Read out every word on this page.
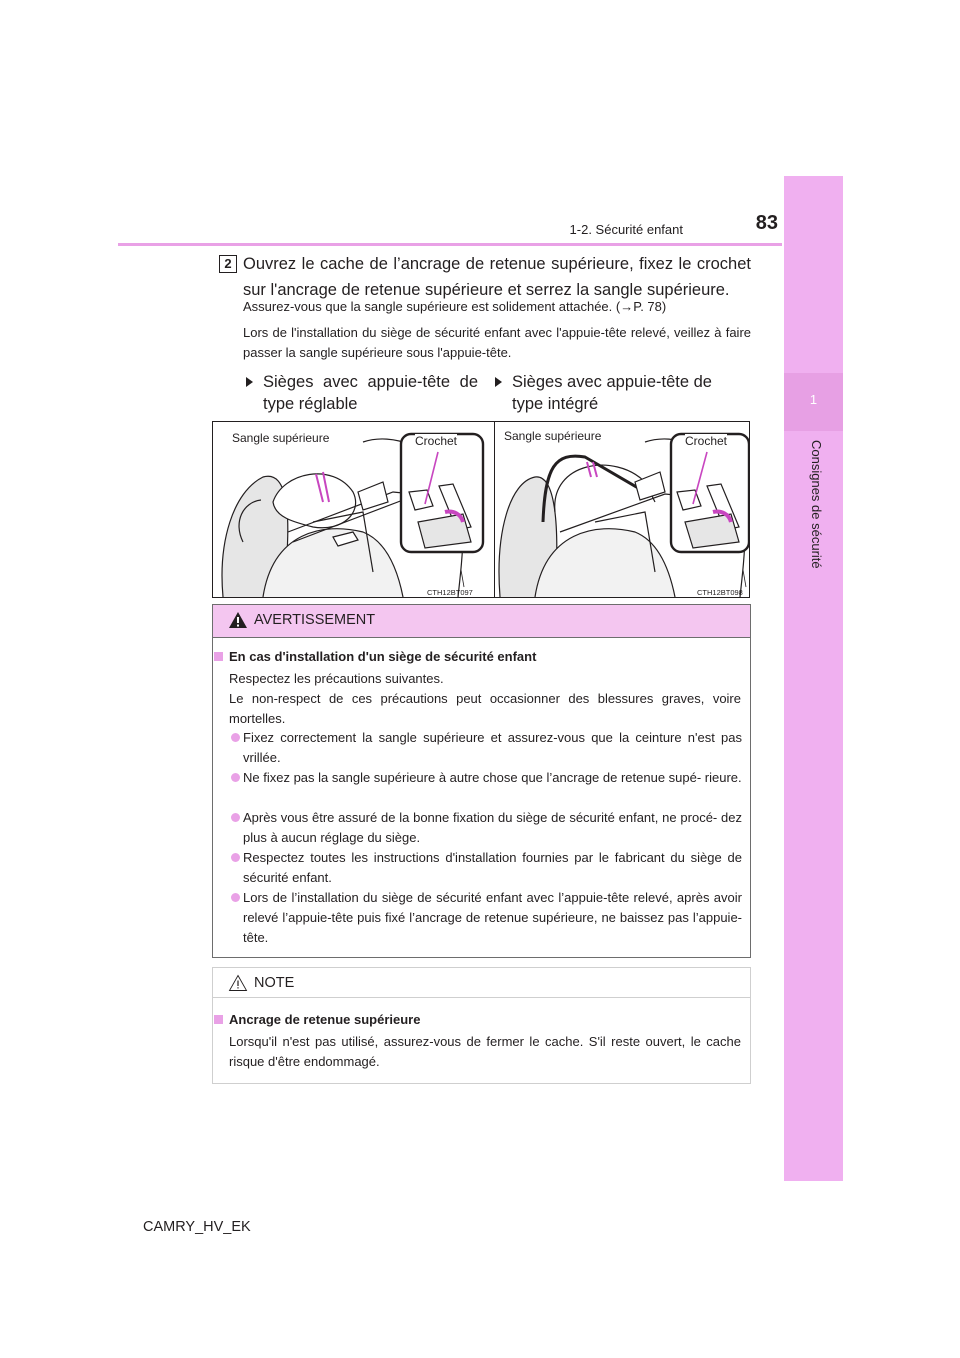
1-2. Sécurité enfant	83
1
Consignes de sécurité
2 Ouvrez le cache de l’ancrage de retenue supérieure, fixez le crochet sur l'ancrage de retenue supérieure et serrez la sangle supérieure.
Assurez-vous que la sangle supérieure est solidement attachée. (→P. 78)
Lors de l'installation du siège de sécurité enfant avec l'appuie-tête relevé, veillez à faire passer la sangle supérieure sous l'appuie-tête.
Sièges avec appuie-tête de type réglable
Sièges avec appuie-tête de type intégré
Sangle supérieure	Crochet
CTH12BT097
Sangle supérieure	Crochet
CTH12BT098
AVERTISSEMENT
En cas d'installation d'un siège de sécurité enfant
Respectez les précautions suivantes.
Le non-respect de ces précautions peut occasionner des blessures graves, voire mortelles.
Fixez correctement la sangle supérieure et assurez-vous que la ceinture n'est pas vrillée.
Ne fixez pas la sangle supérieure à autre chose que l’ancrage de retenue supé- rieure.
Après vous être assuré de la bonne fixation du siège de sécurité enfant, ne procé- dez plus à aucun réglage du siège.
Respectez toutes les instructions d'installation fournies par le fabricant du siège de sécurité enfant.
Lors de l’installation du siège de sécurité enfant avec l’appuie-tête relevé, après avoir relevé l’appuie-tête puis fixé l’ancrage de retenue supérieure, ne baissez pas l’appuie-tête.
NOTE
Ancrage de retenue supérieure
Lorsqu'il n'est pas utilisé, assurez-vous de fermer le cache. S'il reste ouvert, le cache risque d'être endommagé.
CAMRY_HV_EK
